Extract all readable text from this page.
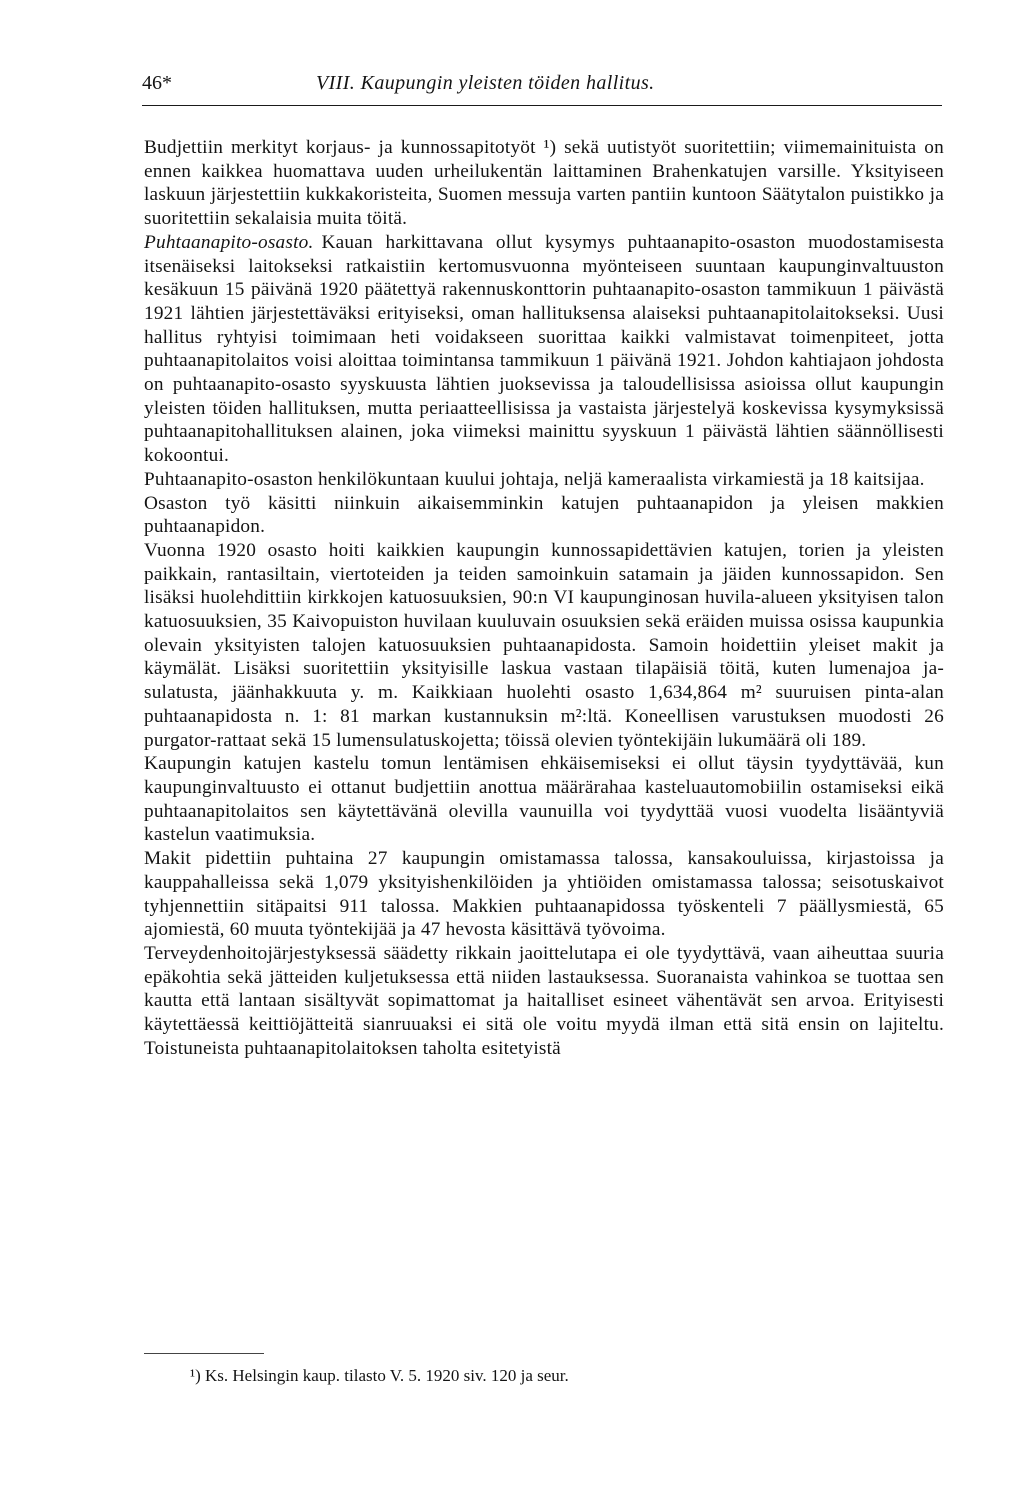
46*	VIII. Kaupungin yleisten töiden hallitus.

Budjettiin merkityt korjaus- ja kunnossapitotyöt ¹) sekä uutistyöt suoritettiin; viimemainituista on ennen kaikkea huomattava uuden urheilukentän laittaminen Brahenkatujen varsille. Yksityiseen laskuun järjestettiin kukkakoristeita, Suomen messuja varten pantiin kuntoon Säätytalon puistikko ja suoritettiin sekalaisia muita töitä.

Puhtaanapito-osasto. Kauan harkittavana ollut kysymys puhtaanapito-osaston muodostamisesta itsenäiseksi laitokseksi ratkaistiin kertomusvuonna myönteiseen suuntaan kaupunginvaltuuston kesäkuun 15 päivänä 1920 päätettyä rakennuskonttorin puhtaanapito-osaston tammikuun 1 päivästä 1921 lähtien järjestettäväksi erityiseksi, oman hallituksensa alaiseksi puhtaanapitolaitokseksi. Uusi hallitus ryhtyisi toimimaan heti voidakseen suorittaa kaikki valmistavat toimenpiteet, jotta puhtaanapitolaitos voisi aloittaa toimintansa tammikuun 1 päivänä 1921. Johdon kahtiajaon johdosta on puhtaanapito-osasto syyskuusta lähtien juoksevissa ja taloudellisissa asioissa ollut kaupungin yleisten töiden hallituksen, mutta periaatteellisissa ja vastaista järjestelyä koskevissa kysymyksissä puhtaanapitohallituksen alainen, joka viimeksi mainittu syyskuun 1 päivästä lähtien säännöllisesti kokoontui.

Puhtaanapito-osaston henkilökuntaan kuului johtaja, neljä kameraalista virkamiestä ja 18 kaitsijaa.

Osaston työ käsitti niinkuin aikaisemminkin katujen puhtaanapidon ja yleisen makkien puhtaanapidon.

Vuonna 1920 osasto hoiti kaikkien kaupungin kunnossapidettävien katujen, torien ja yleisten paikkain, rantasiltain, viertoteiden ja teiden samoinkuin satamain ja jäiden kunnossapidon. Sen lisäksi huolehdittiin kirkkojen katuosuuksien, 90:n VI kaupunginosan huvila-alueen yksityisen talon katuosuuksien, 35 Kaivopuiston huvilaan kuuluvain osuuksien sekä eräiden muissa osissa kaupunkia olevain yksityisten talojen katuosuuksien puhtaanapidosta. Samoin hoidettiin yleiset makit ja käymälät. Lisäksi suoritettiin yksityisille laskua vastaan tilapäisiä töitä, kuten lumenajoa ja- sulatusta, jäänhakkuuta y. m. Kaikkiaan huolehti osasto 1,634,864 m² suuruisen pinta-alan puhtaanapidosta n. 1: 81 markan kustannuksin m²:ltä. Koneellisen varustuksen muodosti 26 purgator-rattaat sekä 15 lumensulatuskojetta; töissä olevien työntekijäin lukumäärä oli 189.

Kaupungin katujen kastelu tomun lentämisen ehkäisemiseksi ei ollut täysin tyydyttävää, kun kaupunginvaltuusto ei ottanut budjettiin anottua määrärahaa kasteluautomobiilin ostamiseksi eikä puhtaanapitolaitos sen käytettävänä olevilla vaunuilla voi tyydyttää vuosi vuodelta lisääntyviä kastelun vaatimuksia.

Makit pidettiin puhtaina 27 kaupungin omistamassa talossa, kansakouluissa, kirjastoissa ja kauppahalleissa sekä 1,079 yksityishenkilöiden ja yhtiöiden omistamassa talossa; seisotuskaivot tyhjennettiin sitäpaitsi 911 talossa. Makkien puhtaanapidossa työskenteli 7 päällysmiestä, 65 ajomiestä, 60 muuta työntekijää ja 47 hevosta käsittävä työvoima.

Terveydenhoitojärjestyksessä säädetty rikkain jaoittelutapa ei ole tyydyttävä, vaan aiheuttaa suuria epäkohtia sekä jätteiden kuljetuksessa että niiden lastauksessa. Suoranaista vahinkoa se tuottaa sen kautta että lantaan sisältyvät sopimattomat ja haitalliset esineet vähentävät sen arvoa. Erityisesti käytettäessä keittiöjätteitä sianruuaksi ei sitä ole voitu myydä ilman että sitä ensin on lajiteltu. Toistuneista puhtaanapitolaitoksen taholta esitetyistä

¹) Ks. Helsingin kaup. tilasto V. 5. 1920 siv. 120 ja seur.
